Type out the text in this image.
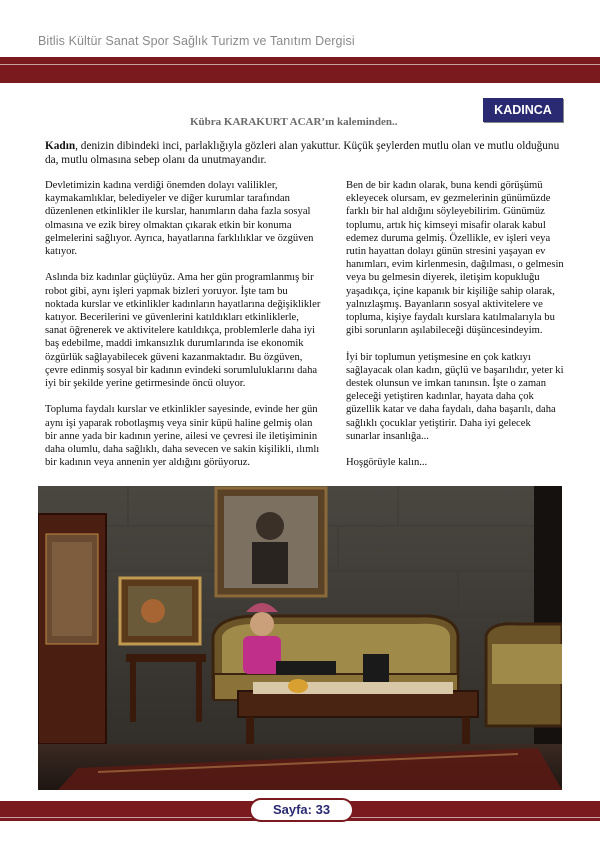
Bitlis Kültür Sanat Spor Sağlık Turizm ve Tanıtım Dergisi
KADINCA
Kübra KARAKURT ACAR’ın kaleminden..
Kadın, denizin dibindeki inci, parlaklığıyla gözleri alan yakuttur. Küçük şeylerden mutlu olan ve mutlu olduğunu da, mutlu olmasına sebep olanı da unutmayandır.

Devletimizin kadına verdiği önemden dolayı valilikler, kaymakamlıklar, belediyeler ve diğer kurumlar tarafından düzenlenen etkinlikler ile kurslar, hanımların daha fazla sosyal olmasına ve ezik birey olmaktan çıkarak etkin bir konuma gelmelerini sağlıyor. Ayrıca, hayatlarına farklılıklar ve özgüven katıyor.

Aslında biz kadınlar güçlüyüz. Ama her gün programlanmış bir robot gibi, aynı işleri yapmak bizleri yoruyor. İşte tam bu noktada kurslar ve etkinlikler kadınların hayatlarına değişiklikler katıyor. Becerilerini ve güvenlerini katıldıkları etkinliklerle, sanat öğrenerek ve aktivitelere katıldıkça, problemlerle daha iyi baş edebilme, maddi imkansızlık durumlarında ise ekonomik özgürlük sağlayabilecek güveni kazanmaktadır. Bu özgüven, çevre edinmiş sosyal bir kadının evindeki sorumluluklarını daha iyi bir şekilde yerine getirmesinde öncü oluyor.

Topluma faydalı kurslar ve etkinlikler sayesinde, evinde her gün aynı işi yaparak robotlaşmış veya sinir küpü haline gelmiş olan bir anne yada bir kadının yerine, ailesi ve çevresi ile iletişiminin daha olumlu, daha sağlıklı, daha sevecen ve sakin kişilikli, ılımlı bir kadının veya annenin yer aldığını görüyoruz.

Ben de bir kadın olarak, buna kendi görüşümü ekleyecek olursam, ev gezmelerinin günümüzde farklı bir hal aldığını söyleyebilirim. Günümüz toplumu, artık hiç kimseyi misafir olarak kabul edemez duruma gelmiş. Özellikle, ev işleri veya rutin hayattan dolayı günün stresini yaşayan ev hanımları, evim kirlenmesin, dağılması, o gelmesin veya bu gelmesin diyerek, iletişim kopukluğu yaşadıkça, içine kapanık bir kişiliğe sahip olarak, yalnızlaşmış. Bayanların sosyal aktivitelere ve topluma, kişiye faydalı kurslara katılmalarıyla bu gibi sorunların aşılabileceği düşüncesindeyim.

İyi bir toplumun yetişmesine en çok katkıyı sağlayacak olan kadın, güçlü ve başarılıdır, yeter ki destek olunsun ve imkan tanınsın. İşte o zaman geleceği yetiştiren kadınlar, hayata daha çok güzellik katar ve daha faydalı, daha başarılı, daha sağlıklı çocuklar yetiştirir. Daha iyi gelecek sunarlar insanlığa...

Hoşgörüyle kalın...

Sayfa: 33
